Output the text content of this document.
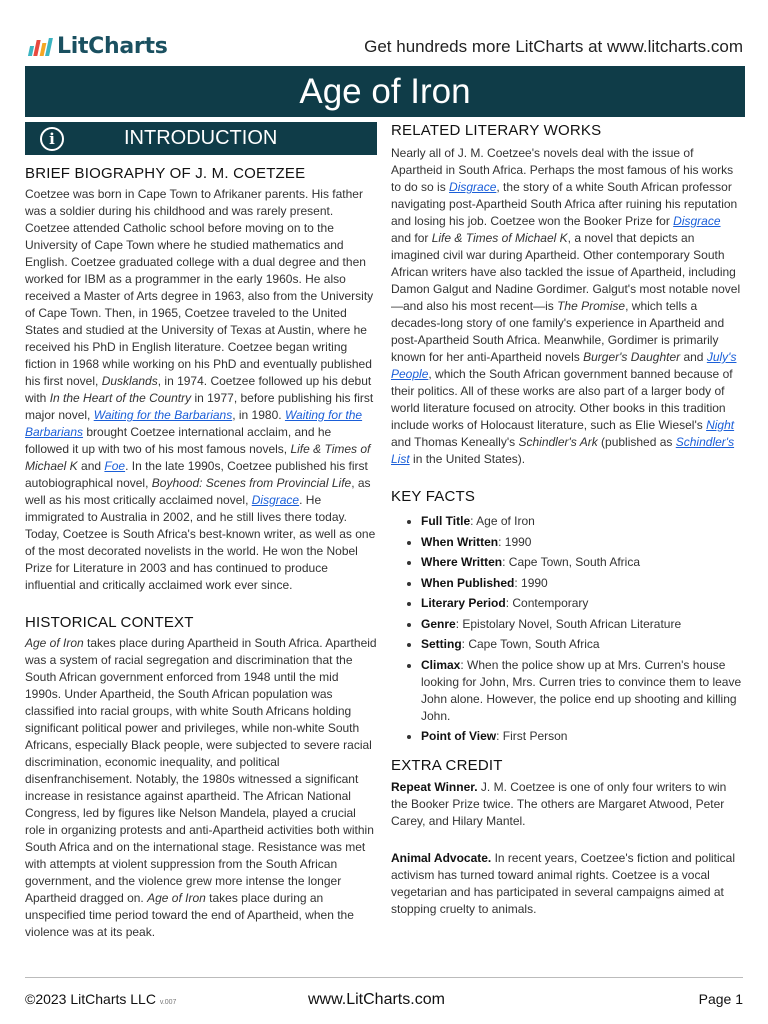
LitCharts	Get hundreds more LitCharts at www.litcharts.com
Age of Iron
i	INTRODUCTION
BRIEF BIOGRAPHY OF J. M. COETZEE

Coetzee was born in Cape Town to Afrikaner parents. His father was a soldier during his childhood and was rarely present. Coetzee attended Catholic school before moving on to the University of Cape Town where he studied mathematics and English. Coetzee graduated college with a dual degree and then worked for IBM as a programmer in the early 1960s. He also received a Master of Arts degree in 1963, also from the University of Cape Town. Then, in 1965, Coetzee traveled to the United States and studied at the University of Texas at Austin, where he received his PhD in English literature. Coetzee began writing fiction in 1968 while working on his PhD and eventually published his first novel, Dusklands, in 1974. Coetzee followed up his debut with In the Heart of the Country in 1977, before publishing his first major novel, Waiting for the Barbarians, in 1980. Waiting for the Barbarians brought Coetzee international acclaim, and he followed it up with two of his most famous novels, Life & Times of Michael K and Foe. In the late 1990s, Coetzee published his first autobiographical novel, Boyhood: Scenes from Provincial Life, as well as his most critically acclaimed novel, Disgrace. He immigrated to Australia in 2002, and he still lives there today. Today, Coetzee is South Africa's best-known writer, as well as one of the most decorated novelists in the world. He won the Nobel Prize for Literature in 2003 and has continued to produce influential and critically acclaimed work ever since.

HISTORICAL CONTEXT

Age of Iron takes place during Apartheid in South Africa. Apartheid was a system of racial segregation and discrimination that the South African government enforced from 1948 until the mid 1990s. Under Apartheid, the South African population was classified into racial groups, with white South Africans holding significant political power and privileges, while non-white South Africans, especially Black people, were subjected to severe racial discrimination, economic inequality, and political disenfranchisement. Notably, the 1980s witnessed a significant increase in resistance against apartheid. The African National Congress, led by figures like Nelson Mandela, played a crucial role in organizing protests and anti-Apartheid activities both within South Africa and on the international stage. Resistance was met with attempts at violent suppression from the South African government, and the violence grew more intense the longer Apartheid dragged on. Age of Iron takes place during an unspecified time period toward the end of Apartheid, when the violence was at its peak.

RELATED LITERARY WORKS

Nearly all of J. M. Coetzee's novels deal with the issue of Apartheid in South Africa. Perhaps the most famous of his works to do so is Disgrace, the story of a white South African professor navigating post-Apartheid South Africa after ruining his reputation and losing his job. Coetzee won the Booker Prize for Disgrace and for Life & Times of Michael K, a novel that depicts an imagined civil war during Apartheid. Other contemporary South African writers have also tackled the issue of Apartheid, including Damon Galgut and Nadine Gordimer. Galgut's most notable novel—and also his most recent—is The Promise, which tells a decades-long story of one family's experience in Apartheid and post-Apartheid South Africa. Meanwhile, Gordimer is primarily known for her anti-Apartheid novels Burger's Daughter and July's People, which the South African government banned because of their politics. All of these works are also part of a larger body of world literature focused on atrocity. Other books in this tradition include works of Holocaust literature, such as Elie Wiesel's Night and Thomas Keneally's Schindler's Ark (published as Schindler's List in the United States).

KEY FACTS
• Full Title: Age of Iron
• When Written: 1990
• Where Written: Cape Town, South Africa
• When Published: 1990
• Literary Period: Contemporary
• Genre: Epistolary Novel, South African Literature
• Setting: Cape Town, South Africa
• Climax: When the police show up at Mrs. Curren's house looking for John, Mrs. Curren tries to convince them to leave John alone. However, the police end up shooting and killing John.
• Point of View: First Person
EXTRA CREDIT

Repeat Winner. J. M. Coetzee is one of only four writers to win the Booker Prize twice. The others are Margaret Atwood, Peter Carey, and Hilary Mantel.

Animal Advocate. In recent years, Coetzee's fiction and political activism has turned toward animal rights. Coetzee is a vocal vegetarian and has participated in several campaigns aimed at stopping cruelty to animals.

©2023 LitCharts LLC v.007	www.LitCharts.com	Page 1
